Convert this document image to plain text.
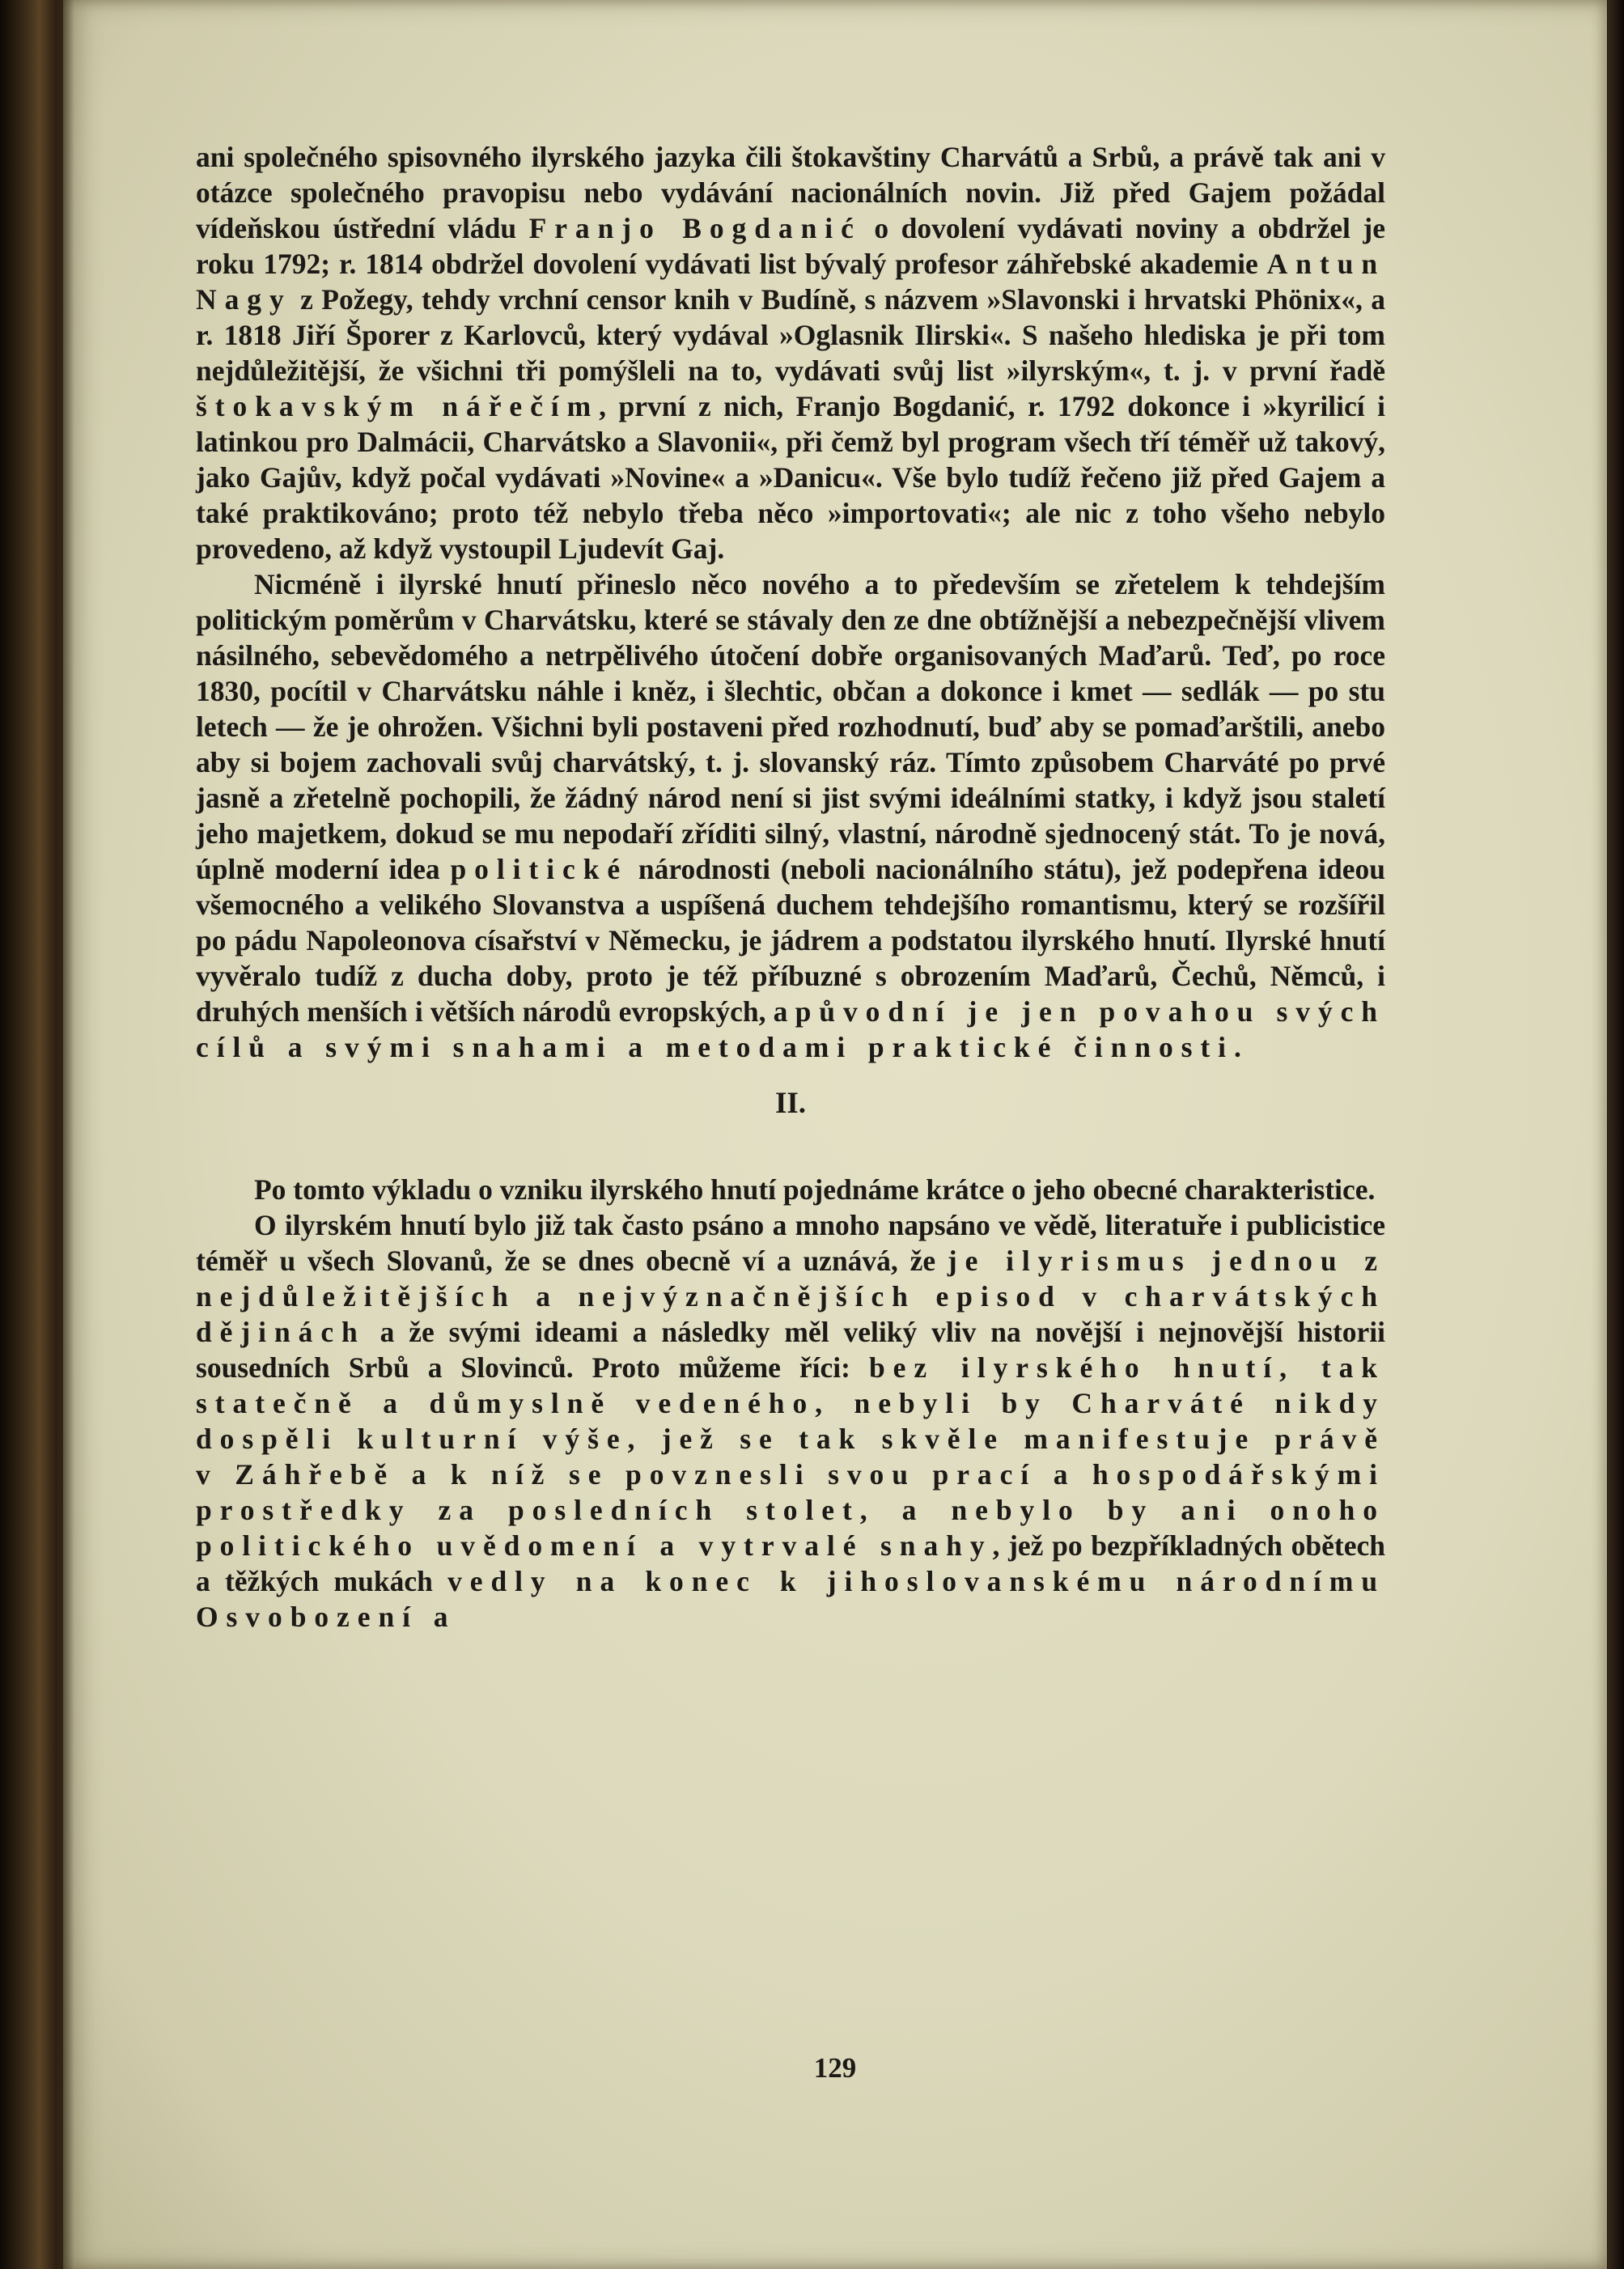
129

ani společného spisovného ilyrského jazyka čili štokavštiny Charvátů a Srbů, a právě tak ani v otázce společného pravopisu nebo vydávání nacionálních novin. Již před Gajem požádal vídeňskou ústřední vládu Franjo Bogdanić o dovolení vydávati noviny a obdržel je roku 1792; r. 1814 obdržel dovolení vydávati list bývalý profesor záhřebské akademie Antun Nagy z Požegy, tehdy vrchní censor knih v Budíně, s názvem »Slavonski i hrvatski Phönix«, a r. 1818 Jiří Šporer z Karlovců, který vydával »Oglasnik Ilirski«. S našeho hlediska je při tom nejdůležitější, že všichni tři pomýšleli na to, vydávati svůj list »ilyrským«, t. j. v první řadě štokavským nářečím, první z nich, Franjo Bogdanić, r. 1792 dokonce i »kyrilicí i latinkou pro Dalmácii, Charvátsko a Slavonii«, při čemž byl program všech tří téměř už takový, jako Gajův, když počal vydávati »Novine« a »Danicu«. Vše bylo tudíž řečeno již před Gajem a také praktikováno; proto též nebylo třeba něco »importovati«; ale nic z toho všeho nebylo provedeno, až když vystoupil Ljudevít Gaj.

Nicméně i ilyrské hnutí přineslo něco nového a to především se zřetelem k tehdejším politickým poměrům v Charvátsku, které se stávaly den ze dne obtížnější a nebezpečnější vlivem násilného, sebevědomého a netrpělivého útočení dobře organisovaných Maďarů. Teď, po roce 1830, pocítil v Charvátsku náhle i kněz, i šlechtic, občan a dokonce i kmet — sedlák — po stu letech — že je ohrožen. Všichni byli postaveni před rozhodnutí, buď aby se pomaďarštili, anebo aby si bojem zachovali svůj charvátský, t. j. slovanský ráz. Tímto způsobem Charváté po prvé jasně a zřetelně pochopili, že žádný národ není si jist svými ideálními statky, i když jsou staletí jeho majetkem, dokud se mu nepodaří zříditi silný, vlastní, národně sjednocený stát. To je nová, úplně moderní idea politické národnosti (neboli nacionálního státu), jež podepřena ideou všemocného a velikého Slovanstva a uspíšená duchem tehdejšího romantismu, který se rozšířil po pádu Napoleonova císařství v Německu, je jádrem a podstatou ilyrského hnutí. Ilyrské hnutí vyvěralo tudíž z ducha doby, proto je též příbuzné s obrozením Maďarů, Čechů, Němců, i druhých menších i větších národů evropských, a původní je jen povahou svých cílů a svými snahami a metodami praktické činnosti.

II.

Po tomto výkladu o vzniku ilyrského hnutí pojednáme krátce o jeho obecné charakteristice.

O ilyrském hnutí bylo již tak často psáno a mnoho napsáno ve vědě, literatuře i publicistice téměř u všech Slovanů, že se dnes obecně ví a uznává, že je ilyrismus jednou z nejdůležitějších a nejvýznačnějších episod v charvátských dějinách a že svými ideami a následky měl veliký vliv na novější i nejnovější historii sousedních Srbů a Slovinců. Proto můžeme říci: bez ilyrského hnutí, tak statečně a důmyslně vedeného, nebyli by Charváté nikdy dospěli kulturní výše, jež se tak skvěle manifestuje právě v Záhřebě a k níž se povznesli svou prací a hospodářskými prostředky za posledních stolet, a nebylo by ani onoho politického uvědomení a vytrvalé snahy, jež po bezpříkladných obětech a těžkých mukách vedly na konec k jihoslovanskému národnímu Osvobození a
